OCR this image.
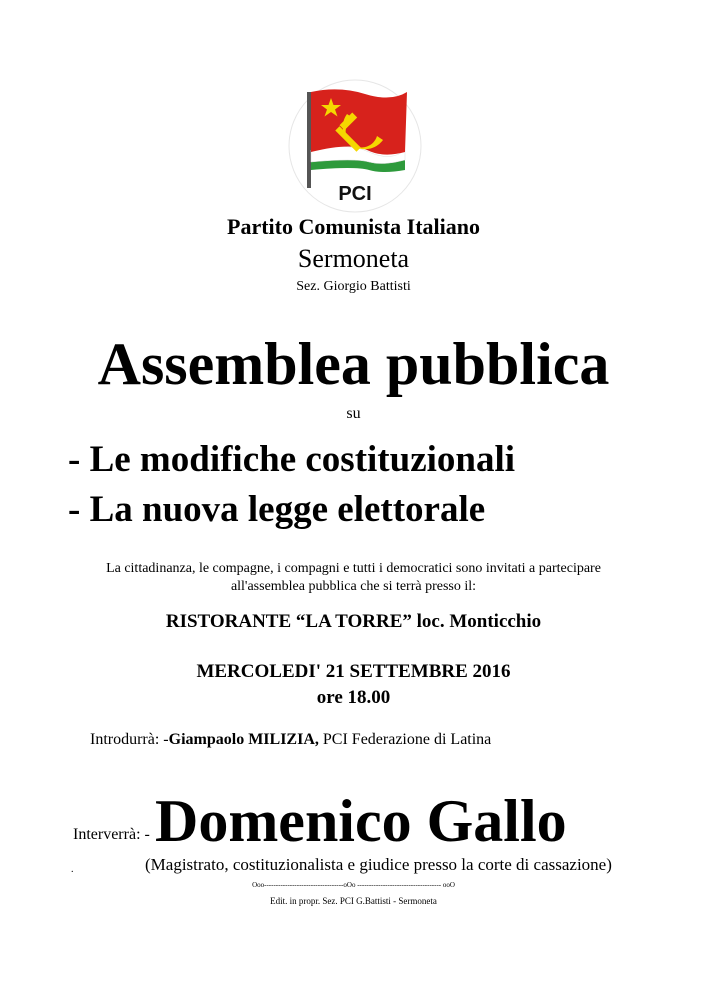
PCI
Partito Comunista Italiano
Sermoneta
Sez. Giorgio Battisti
Assemblea pubblica
su
- Le modifiche costituzionali
- La nuova legge elettorale
La cittadinanza, le compagne, i compagni e tutti i democratici sono invitati a partecipare
all'assemblea pubblica che si terrà presso il:
RISTORANTE “LA TORRE” loc. Monticchio
MERCOLEDI' 21 SETTEMBRE 2016
ore 18.00
Introdurrà: -Giampaolo MILIZIA, PCI Federazione di Latina
Interverrà: - Domenico Gallo
.	(Magistrato, costituzionalista e giudice presso la corte di cassazione)
Ooo----------------------------------oOo ------------------------------------ ooO
Edit. in propr. Sez. PCI G.Battisti - Sermoneta
